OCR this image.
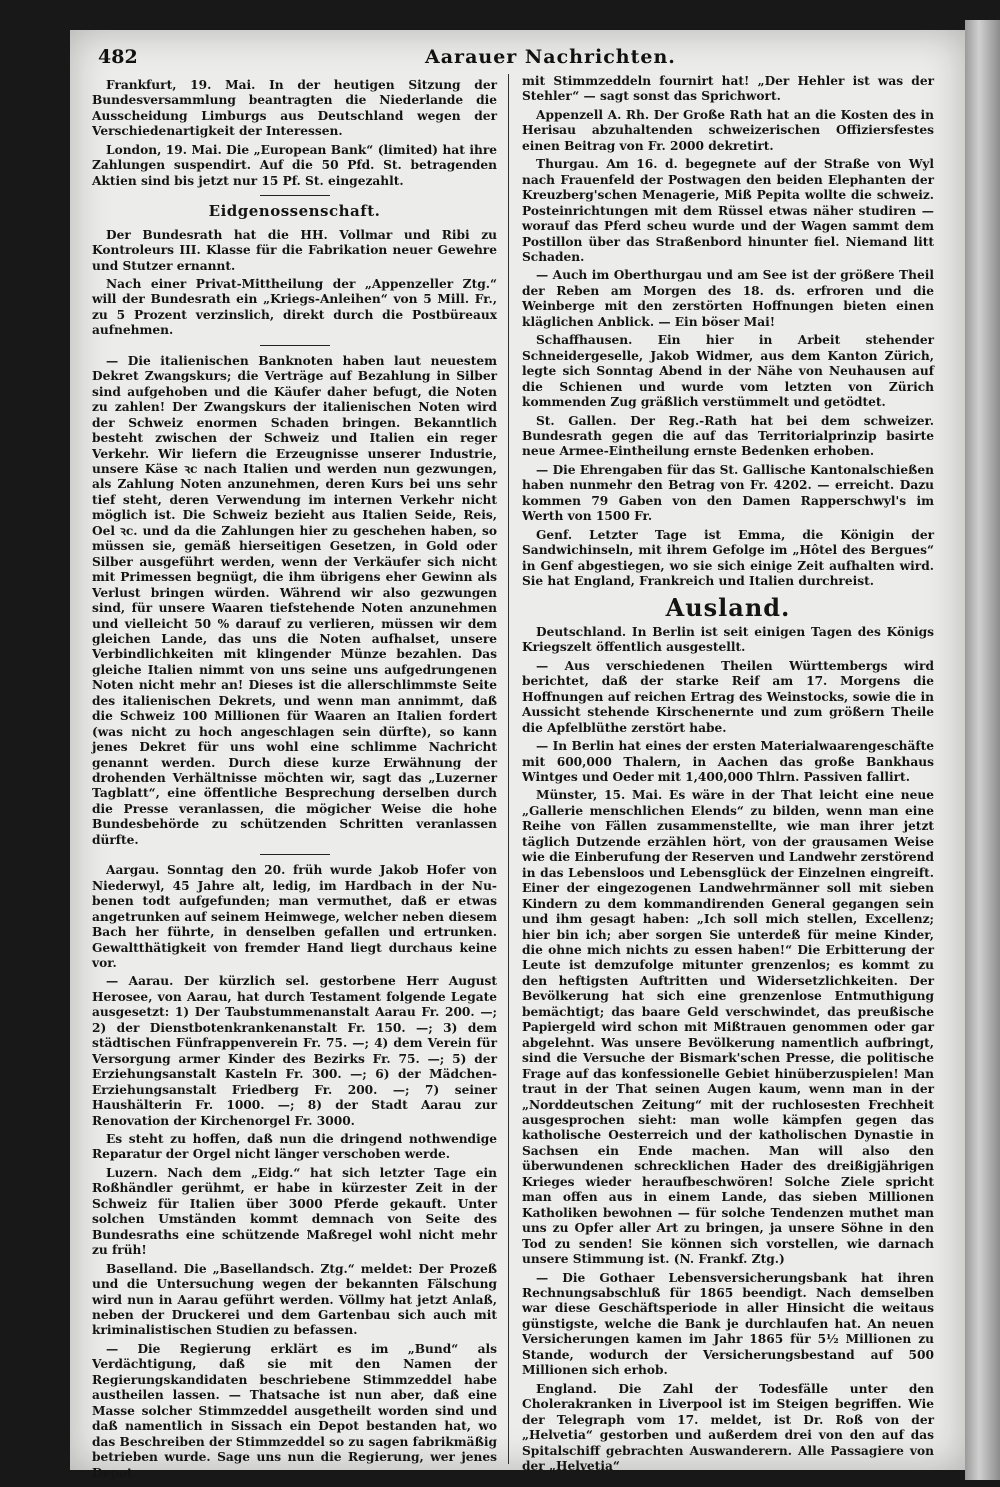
482	Aarauer Nachrichten.

Frankfurt, 19. Mai. In der heutigen Sitzung der Bundesversammlung beantragten die Niederlande die Ausscheidung Limburgs aus Deutschland wegen der Verschiedenartigkeit der Interessen.

London, 19. Mai. Die „European Bank“ (limited) hat ihre Zahlungen suspendirt. Auf die 50 Pfd. St. betragenden Aktien sind bis jetzt nur 15 Pf. St. eingezahlt.

Eidgenossenschaft.

Der Bundesrath hat die HH. Vollmar und Ribi zu Kontroleurs III. Klasse für die Fabrikation neuer Gewehre und Stutzer ernannt.

Nach einer Privat-Mittheilung der „Appenzeller Ztg.“ will der Bundesrath ein „Kriegs-Anleihen“ von 5 Mill. Fr., zu 5 Prozent verzinslich, direkt durch die Postbüreaux aufnehmen.

— Die italienischen Banknoten haben laut neuestem Dekret Zwangskurs; die Verträge auf Bezahlung in Silber sind aufgehoben und die Käufer daher befugt, die Noten zu zahlen! Der Zwangskurs der italienischen Noten wird der Schweiz enormen Schaden bringen. Bekanntlich besteht zwischen der Schweiz und Italien ein reger Verkehr. Wir liefern die Erzeugnisse unserer Industrie, unsere Käse ꝛc nach Italien und werden nun gezwungen, als Zahlung Noten anzunehmen, deren Kurs bei uns sehr tief steht, deren Verwendung im internen Verkehr nicht möglich ist. Die Schweiz bezieht aus Italien Seide, Reis, Oel ꝛc. und da die Zahlungen hier zu geschehen haben, so müssen sie, gemäß hierseitigen Gesetzen, in Gold oder Silber ausgeführt werden, wenn der Verkäufer sich nicht mit Primessen begnügt, die ihm übrigens eher Gewinn als Verlust bringen würden. Während wir also gezwungen sind, für unsere Waaren tiefstehende Noten anzunehmen und vielleicht 50 % darauf zu verlieren, müssen wir dem gleichen Lande, das uns die Noten aufhalset, unsere Verbindlichkeiten mit klingender Münze bezahlen. Das gleiche Italien nimmt von uns seine uns aufgedrungenen Noten nicht mehr an! Dieses ist die allerschlimmste Seite des italienischen Dekrets, und wenn man annimmt, daß die Schweiz 100 Millionen für Waaren an Italien fordert (was nicht zu hoch angeschlagen sein dürfte), so kann jenes Dekret für uns wohl eine schlimme Nachricht genannt werden. Durch diese kurze Erwähnung der drohenden Verhältnisse möchten wir, sagt das „Luzerner Tagblatt“, eine öffentliche Besprechung derselben durch die Presse veranlassen, die mögicher Weise die hohe Bundesbehörde zu schützenden Schritten veranlassen dürfte.

Aargau. Sonntag den 20. früh wurde Jakob Hofer von Niederwyl, 45 Jahre alt, ledig, im Hardbach in der Nu- benen todt aufgefunden; man vermuthet, daß er etwas angetrunken auf seinem Heimwege, welcher neben diesem Bach her führte, in denselben gefallen und ertrunken. Gewaltthätigkeit von fremder Hand liegt durchaus keine vor.

— Aarau. Der kürzlich sel. gestorbene Herr August Herosee, von Aarau, hat durch Testament folgende Legate ausgesetzt: 1) Der Taubstummenanstalt Aarau Fr. 200. —; 2) der Dienstbotenkrankenanstalt Fr. 150. —; 3) dem städtischen Fünfrappenverein Fr. 75. —; 4) dem Verein für Versorgung armer Kinder des Bezirks Fr. 75. —; 5) der Erziehungsanstalt Kasteln Fr. 300. —; 6) der Mädchen-Erziehungsanstalt Friedberg Fr. 200. —; 7) seiner Haushälterin Fr. 1000. —; 8) der Stadt Aarau zur Renovation der Kirchenorgel Fr. 3000.

Es steht zu hoffen, daß nun die dringend nothwendige Reparatur der Orgel nicht länger verschoben werde.

Luzern. Nach dem „Eidg.“ hat sich letzter Tage ein Roßhändler gerühmt, er habe in kürzester Zeit in der Schweiz für Italien über 3000 Pferde gekauft. Unter solchen Umständen kommt demnach von Seite des Bundesraths eine schützende Maßregel wohl nicht mehr zu früh!

Baselland. Die „Basellandsch. Ztg.“ meldet: Der Prozeß und die Untersuchung wegen der bekannten Fälschung wird nun in Aarau geführt werden. Völlmy hat jetzt Anlaß, neben der Druckerei und dem Gartenbau sich auch mit kriminalistischen Studien zu befassen.

— Die Regierung erklärt es im „Bund“ als Verdächtigung, daß sie mit den Namen der Regierungskandidaten beschriebene Stimmzeddel habe austheilen lassen. — Thatsache ist nun aber, daß eine Masse solcher Stimmzeddel ausgetheilt worden sind und daß namentlich in Sissach ein Depot bestanden hat, wo das Beschreiben der Stimmzeddel so zu sagen fabrikmäßig betrieben wurde. Sage uns nun die Regierung, wer jenes Depot

mit Stimmzeddeln fournirt hat! „Der Hehler ist was der Stehler“ — sagt sonst das Sprichwort.

Appenzell A. Rh. Der Große Rath hat an die Kosten des in Herisau abzuhaltenden schweizerischen Offiziersfestes einen Beitrag von Fr. 2000 dekretirt.

Thurgau. Am 16. d. begegnete auf der Straße von Wyl nach Frauenfeld der Postwagen den beiden Elephanten der Kreuzberg'schen Menagerie, Miß Pepita wollte die schweiz. Posteinrichtungen mit dem Rüssel etwas näher studiren — worauf das Pferd scheu wurde und der Wagen sammt dem Postillon über das Straßenbord hinunter fiel. Niemand litt Schaden.

— Auch im Oberthurgau und am See ist der größere Theil der Reben am Morgen des 18. ds. erfroren und die Weinberge mit den zerstörten Hoffnungen bieten einen kläglichen Anblick. — Ein böser Mai!

Schaffhausen. Ein hier in Arbeit stehender Schneidergeselle, Jakob Widmer, aus dem Kanton Zürich, legte sich Sonntag Abend in der Nähe von Neuhausen auf die Schienen und wurde vom letzten von Zürich kommenden Zug gräßlich verstümmelt und getödtet.

St. Gallen. Der Reg.-Rath hat bei dem schweizer. Bundesrath gegen die auf das Territorialprinzip basirte neue Armee-Eintheilung ernste Bedenken erhoben.

— Die Ehrengaben für das St. Gallische Kantonalschießen haben nunmehr den Betrag von Fr. 4202. — erreicht. Dazu kommen 79 Gaben von den Damen Rapperschwyl's im Werth von 1500 Fr.

Genf. Letzter Tage ist Emma, die Königin der Sandwichinseln, mit ihrem Gefolge im „Hôtel des Bergues“ in Genf abgestiegen, wo sie sich einige Zeit aufhalten wird. Sie hat England, Frankreich und Italien durchreist.

Ausland.

Deutschland. In Berlin ist seit einigen Tagen des Königs Kriegszelt öffentlich ausgestellt.

— Aus verschiedenen Theilen Württembergs wird berichtet, daß der starke Reif am 17. Morgens die Hoffnungen auf reichen Ertrag des Weinstocks, sowie die in Aussicht stehende Kirschenernte und zum größern Theile die Apfelblüthe zerstört habe.

— In Berlin hat eines der ersten Materialwaarengeschäfte mit 600,000 Thalern, in Aachen das große Bankhaus Wintges und Oeder mit 1,400,000 Thlrn. Passiven fallirt.

Münster, 15. Mai. Es wäre in der That leicht eine neue „Gallerie menschlichen Elends“ zu bilden, wenn man eine Reihe von Fällen zusammenstellte, wie man ihrer jetzt täglich Dutzende erzählen hört, von der grausamen Weise wie die Einberufung der Reserven und Landwehr zerstörend in das Lebensloos und Lebensglück der Einzelnen eingreift. Einer der eingezogenen Landwehrmänner soll mit sieben Kindern zu dem kommandirenden General gegangen sein und ihm gesagt haben: „Ich soll mich stellen, Excellenz; hier bin ich; aber sorgen Sie unterdeß für meine Kinder, die ohne mich nichts zu essen haben!“ Die Erbitterung der Leute ist demzufolge mitunter grenzenlos; es kommt zu den heftigsten Auftritten und Widersetzlichkeiten. Der Bevölkerung hat sich eine grenzenlose Entmuthigung bemächtigt; das baare Geld verschwindet, das preußische Papiergeld wird schon mit Mißtrauen genommen oder gar abgelehnt. Was unsere Bevölkerung namentlich aufbringt, sind die Versuche der Bismark'schen Presse, die politische Frage auf das konfessionelle Gebiet hinüberzuspielen! Man traut in der That seinen Augen kaum, wenn man in der „Norddeutschen Zeitung“ mit der ruchlosesten Frechheit ausgesprochen sieht: man wolle kämpfen gegen das katholische Oesterreich und der katholischen Dynastie in Sachsen ein Ende machen. Man will also den überwundenen schrecklichen Hader des dreißigjährigen Krieges wieder heraufbeschwören! Solche Ziele spricht man offen aus in einem Lande, das sieben Millionen Katholiken bewohnen — für solche Tendenzen muthet man uns zu Opfer aller Art zu bringen, ja unsere Söhne in den Tod zu senden! Sie können sich vorstellen, wie darnach unsere Stimmung ist. (N. Frankf. Ztg.)

— Die Gothaer Lebensversicherungsbank hat ihren Rechnungsabschluß für 1865 beendigt. Nach demselben war diese Geschäftsperiode in aller Hinsicht die weitaus günstigste, welche die Bank je durchlaufen hat. An neuen Versicherungen kamen im Jahr 1865 für 5½ Millionen zu Stande, wodurch der Versicherungsbestand auf 500 Millionen sich erhob.

England. Die Zahl der Todesfälle unter den Cholerakranken in Liverpool ist im Steigen begriffen. Wie der Telegraph vom 17. meldet, ist Dr. Roß von der „Helvetia“ gestorben und außerdem drei von den auf das Spitalschiff gebrachten Auswanderern. Alle Passagiere von der „Helvetia“
